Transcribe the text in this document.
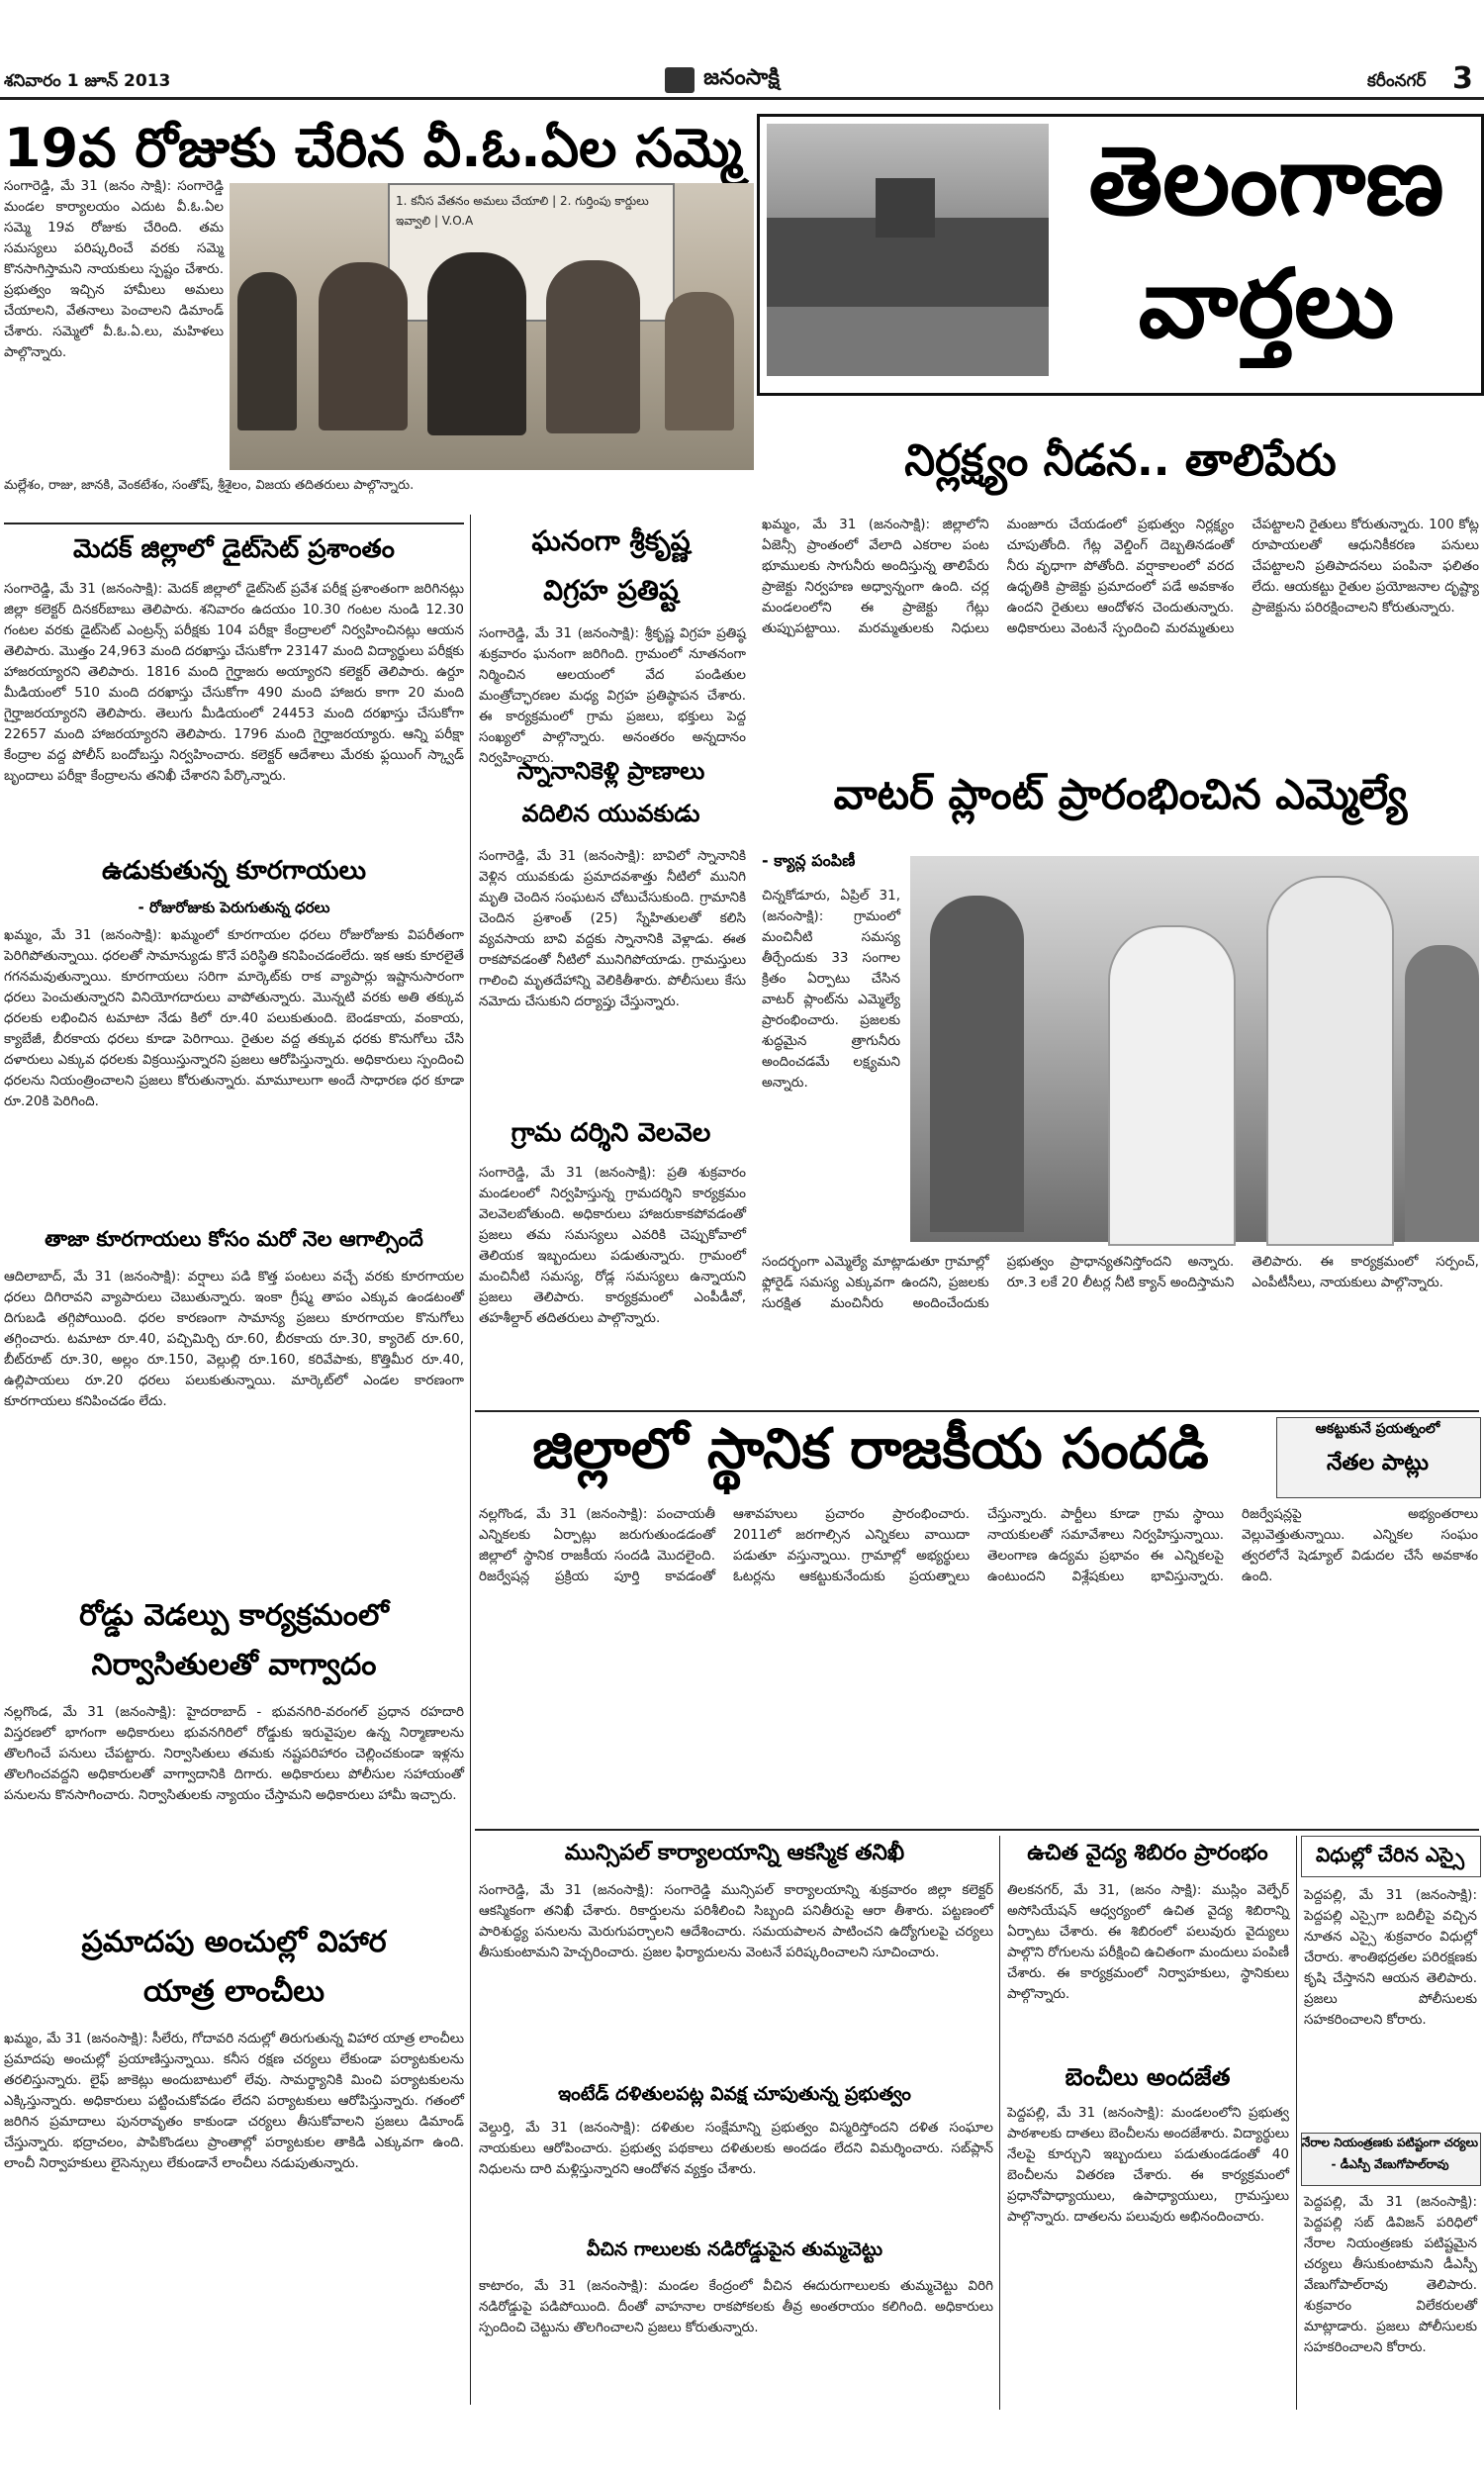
శనివారం 1 జూన్ 2013	జనంసాక్షి	కరీంనగర్ 3
19వ రోజుకు చేరిన వీ.ఓ.ఏల సమ్మె
సంగారెడ్డి, మే 31 (జనం సాక్షి): సంగారెడ్డి మండల కార్యాలయం ఎదుట వీ.ఓ.ఏల సమ్మె 19వ రోజుకు చేరింది. తమ సమస్యలు పరిష్కరించే వరకు సమ్మె కొనసాగిస్తామని నాయకులు స్పష్టం చేశారు. ప్రభుత్వం ఇచ్చిన హామీలు అమలు చేయాలని, వేతనాలు పెంచాలని డిమాండ్ చేశారు. సమ్మెలో వీ.ఓ.ఏ.లు, మహిళలు పాల్గొన్నారు.
1. కనీస వేతనం అమలు చేయాలి | 2. గుర్తింపు కార్డులు ఇవ్వాలి | V.O.A
మల్లేశం, రాజు, జానకి, వెంకటేశం, సంతోష్, శ్రీశైలం, విజయ తదితరులు పాల్గొన్నారు.
తెలంగాణ
వార్తలు
మెదక్ జిల్లాలో డైట్‌సెట్ ప్రశాంతం
సంగారెడ్డి, మే 31 (జనంసాక్షి): మెదక్ జిల్లాలో డైట్‌సెట్ ప్రవేశ పరీక్ష ప్రశాంతంగా జరిగినట్లు జిల్లా కలెక్టర్ దినకర్‌బాబు తెలిపారు. శనివారం ఉదయం 10.30 గంటల నుండి 12.30 గంటల వరకు డైట్‌సెట్ ఎంట్రన్స్ పరీక్షకు 104 పరీక్షా కేంద్రాలలో నిర్వహించినట్లు ఆయన తెలిపారు. మొత్తం 24,963 మంది దరఖాస్తు చేసుకోగా 23147 మంది విద్యార్థులు పరీక్షకు హాజరయ్యారని తెలిపారు. 1816 మంది గైర్హాజరు అయ్యారని కలెక్టర్ తెలిపారు. ఉర్దూ మీడియంలో 510 మంది దరఖాస్తు చేసుకోగా 490 మంది హాజరు కాగా 20 మంది గైర్హాజరయ్యారని తెలిపారు. తెలుగు మీడియంలో 24453 మంది దరఖాస్తు చేసుకోగా 22657 మంది హాజరయ్యారని తెలిపారు. 1796 మంది గైర్హాజరయ్యారు. ఆన్ని పరీక్షా కేంద్రాల వద్ద పోలీస్ బందోబస్తు నిర్వహించారు. కలెక్టర్ ఆదేశాలు మేరకు ఫ్లయింగ్ స్క్వాడ్ బృందాలు పరీక్షా కేంద్రాలను తనిఖీ చేశారని పేర్కొన్నారు.
ఉడుకుతున్న కూరగాయలు
- రోజురోజుకు పెరుగుతున్న ధరలు
ఖమ్మం, మే 31 (జనంసాక్షి): ఖమ్మంలో కూరగాయల ధరలు రోజురోజుకు విపరీతంగా పెరిగిపోతున్నాయి. ధరలతో సామాన్యుడు కొనే పరిస్థితి కనిపించడంలేదు. ఇక ఆకు కూరలైతే గగనమవుతున్నాయి. కూరగాయలు సరిగా మార్కెట్‌కు రాక వ్యాపార్లు ఇష్టానుసారంగా ధరలు పెంచుతున్నారని వినియోగదారులు వాపోతున్నారు. మొన్నటి వరకు అతి తక్కువ ధరలకు లభించిన టమాటా నేడు కిలో రూ.40 పలుకుతుంది. బెండకాయ, వంకాయ, క్యాబేజీ, బీరకాయ ధరలు కూడా పెరిగాయి. రైతుల వద్ద తక్కువ ధరకు కొనుగోలు చేసి దళారులు ఎక్కువ ధరలకు విక్రయిస్తున్నారని ప్రజలు ఆరోపిస్తున్నారు. అధికారులు స్పందించి ధరలను నియంత్రించాలని ప్రజలు కోరుతున్నారు. మామూలుగా అందే సాధారణ ధర కూడా రూ.20కి పెరిగింది.
తాజా కూరగాయలు కోసం మరో నెల ఆగాల్సిందే
ఆదిలాబాద్, మే 31 (జనంసాక్షి): వర్షాలు పడి కొత్త పంటలు వచ్చే వరకు కూరగాయల ధరలు దిగిరావని వ్యాపారులు చెబుతున్నారు. ఇంకా గ్రీష్మ తాపం ఎక్కువ ఉండటంతో దిగుబడి తగ్గిపోయింది. ధరల కారణంగా సామాన్య ప్రజలు కూరగాయల కొనుగోలు తగ్గించారు. టమాటా రూ.40, పచ్చిమిర్చి రూ.60, బీరకాయ రూ.30, క్యారెట్ రూ.60, బీట్‌రూట్ రూ.30, అల్లం రూ.150, వెల్లుల్లి రూ.160, కరివేపాకు, కొత్తిమీర రూ.40, ఉల్లిపాయలు రూ.20 ధరలు పలుకుతున్నాయి. మార్కెట్‌లో ఎండల కారణంగా కూరగాయలు కనిపించడం లేదు.
రోడ్డు వెడల్పు కార్యక్రమంలో
నిర్వాసితులతో వాగ్వాదం
నల్లగొండ, మే 31 (జనంసాక్షి): హైదరాబాద్ - భువనగిరి-వరంగల్ ప్రధాన రహదారి విస్తరణలో భాగంగా అధికారులు భువనగిరిలో రోడ్డుకు ఇరువైపుల ఉన్న నిర్మాణాలను తొలగించే పనులు చేపట్టారు. నిర్వాసితులు తమకు నష్టపరిహారం చెల్లించకుండా ఇళ్లను తొలగించవద్దని అధికారులతో వాగ్వాదానికి దిగారు. అధికారులు పోలీసుల సహాయంతో పనులను కొనసాగించారు. నిర్వాసితులకు న్యాయం చేస్తామని అధికారులు హామీ ఇచ్చారు.
ప్రమాదపు అంచుల్లో విహార
యాత్ర లాంచీలు
ఖమ్మం, మే 31 (జనంసాక్షి): సీలేరు, గోదావరి నదుల్లో తిరుగుతున్న విహార యాత్ర లాంచీలు ప్రమాదపు అంచుల్లో ప్రయాణిస్తున్నాయి. కనీస రక్షణ చర్యలు లేకుండా పర్యాటకులను తరలిస్తున్నారు. లైఫ్ జాకెట్లు అందుబాటులో లేవు. సామర్థ్యానికి మించి పర్యాటకులను ఎక్కిస్తున్నారు. అధికారులు పట్టించుకోవడం లేదని పర్యాటకులు ఆరోపిస్తున్నారు. గతంలో జరిగిన ప్రమాదాలు పునరావృతం కాకుండా చర్యలు తీసుకోవాలని ప్రజలు డిమాండ్ చేస్తున్నారు. భద్రాచలం, పాపికొండలు ప్రాంతాల్లో పర్యాటకుల తాకిడి ఎక్కువగా ఉంది. లాంచీ నిర్వాహకులు లైసెన్సులు లేకుండానే లాంచీలు నడుపుతున్నారు.
ఘనంగా శ్రీకృష్ణ
విగ్రహ ప్రతిష్ట
సంగారెడ్డి, మే 31 (జనంసాక్షి): శ్రీకృష్ణ విగ్రహ ప్రతిష్ఠ శుక్రవారం ఘనంగా జరిగింది. గ్రామంలో నూతనంగా నిర్మించిన ఆలయంలో వేద పండితుల మంత్రోచ్ఛారణల మధ్య విగ్రహ ప్రతిష్ఠాపన చేశారు. ఈ కార్యక్రమంలో గ్రామ ప్రజలు, భక్తులు పెద్ద సంఖ్యలో పాల్గొన్నారు. అనంతరం అన్నదానం నిర్వహించారు.
స్నానానికెళ్లి ప్రాణాలు
వదిలిన యువకుడు
సంగారెడ్డి, మే 31 (జనంసాక్షి): బావిలో స్నానానికి వెళ్లిన యువకుడు ప్రమాదవశాత్తు నీటిలో మునిగి మృతి చెందిన సంఘటన చోటుచేసుకుంది. గ్రామానికి చెందిన ప్రశాంత్ (25) స్నేహితులతో కలిసి వ్యవసాయ బావి వద్దకు స్నానానికి వెళ్లాడు. ఈత రాకపోవడంతో నీటిలో మునిగిపోయాడు. గ్రామస్తులు గాలించి మృతదేహాన్ని వెలికితీశారు. పోలీసులు కేసు నమోదు చేసుకుని దర్యాప్తు చేస్తున్నారు.
గ్రామ దర్శిని వెలవెల
సంగారెడ్డి, మే 31 (జనంసాక్షి): ప్రతి శుక్రవారం మండలంలో నిర్వహిస్తున్న గ్రామదర్శిని కార్యక్రమం వెలవెలబోతుంది. అధికారులు హాజరుకాకపోవడంతో ప్రజలు తమ సమస్యలు ఎవరికి చెప్పుకోవాలో తెలియక ఇబ్బందులు పడుతున్నారు. గ్రామంలో మంచినీటి సమస్య, రోడ్ల సమస్యలు ఉన్నాయని ప్రజలు తెలిపారు. కార్యక్రమంలో ఎంపీడీవో, తహశీల్దార్ తదితరులు పాల్గొన్నారు.
నిర్లక్ష్యం నీడన.. తాలిపేరు
ఖమ్మం, మే 31 (జనంసాక్షి): జిల్లాలోని ఏజెన్సీ ప్రాంతంలో వేలాది ఎకరాల పంట భూములకు సాగునీరు అందిస్తున్న తాలిపేరు ప్రాజెక్టు నిర్వహణ అధ్వాన్నంగా ఉంది. చర్ల మండలంలోని ఈ ప్రాజెక్టు గేట్లు తుప్పుపట్టాయి. మరమ్మతులకు నిధులు మంజూరు చేయడంలో ప్రభుత్వం నిర్లక్ష్యం చూపుతోంది. గేట్ల వెల్డింగ్ దెబ్బతినడంతో నీరు వృధాగా పోతోంది. వర్షాకాలంలో వరద ఉధృతికి ప్రాజెక్టు ప్రమాదంలో పడే అవకాశం ఉందని రైతులు ఆందోళన చెందుతున్నారు. అధికారులు వెంటనే స్పందించి మరమ్మతులు చేపట్టాలని రైతులు కోరుతున్నారు. 100 కోట్ల రూపాయలతో ఆధునికీకరణ పనులు చేపట్టాలని ప్రతిపాదనలు పంపినా ఫలితం లేదు. ఆయకట్టు రైతుల ప్రయోజనాల దృష్ట్యా ప్రాజెక్టును పరిరక్షించాలని కోరుతున్నారు.
వాటర్ ప్లాంట్ ప్రారంభించిన ఎమ్మెల్యే
- క్యాన్ల పంపిణీ
చిన్నకోడూరు, ఏప్రిల్ 31, (జనంసాక్షి): గ్రామంలో మంచినీటి సమస్య తీర్చేందుకు 33 సంగాల క్రితం ఏర్పాటు చేసిన వాటర్ ప్లాంట్‌ను ఎమ్మెల్యే ప్రారంభించారు. ప్రజలకు శుద్ధమైన త్రాగునీరు అందించడమే లక్ష్యమని అన్నారు.
సందర్భంగా ఎమ్మెల్యే మాట్లాడుతూ గ్రామాల్లో ఫ్లోరైడ్ సమస్య ఎక్కువగా ఉందని, ప్రజలకు సురక్షిత మంచినీరు అందించేందుకు ప్రభుత్వం ప్రాధాన్యతనిస్తోందని అన్నారు. రూ.3 లకే 20 లీటర్ల నీటి క్యాన్ అందిస్తామని తెలిపారు. ఈ కార్యక్రమంలో సర్పంచ్, ఎంపీటీసీలు, నాయకులు పాల్గొన్నారు.
జిల్లాలో స్థానిక రాజకీయ సందడి
నల్లగొండ, మే 31 (జనంసాక్షి): పంచాయతీ ఎన్నికలకు ఏర్పాట్లు జరుగుతుండడంతో జిల్లాలో స్థానిక రాజకీయ సందడి మొదలైంది. రిజర్వేషన్ల ప్రక్రియ పూర్తి కావడంతో ఆశావహులు ప్రచారం ప్రారంభించారు. 2011లో జరగాల్సిన ఎన్నికలు వాయిదా పడుతూ వస్తున్నాయి. గ్రామాల్లో అభ్యర్థులు ఓటర్లను ఆకట్టుకునేందుకు ప్రయత్నాలు చేస్తున్నారు. పార్టీలు కూడా గ్రామ స్థాయి నాయకులతో సమావేశాలు నిర్వహిస్తున్నాయి. తెలంగాణ ఉద్యమ ప్రభావం ఈ ఎన్నికలపై ఉంటుందని విశ్లేషకులు భావిస్తున్నారు. రిజర్వేషన్లపై అభ్యంతరాలు వెల్లువెత్తుతున్నాయి. ఎన్నికల సంఘం త్వరలోనే షెడ్యూల్ విడుదల చేసే అవకాశం ఉంది.
ఆకట్టుకునే ప్రయత్నంలో
నేతల పాట్లు
మున్సిపల్ కార్యాలయాన్ని ఆకస్మిక తనిఖీ
సంగారెడ్డి, మే 31 (జనంసాక్షి): సంగారెడ్డి మున్సిపల్ కార్యాలయాన్ని శుక్రవారం జిల్లా కలెక్టర్ ఆకస్మికంగా తనిఖీ చేశారు. రికార్డులను పరిశీలించి సిబ్బంది పనితీరుపై ఆరా తీశారు. పట్టణంలో పారిశుద్ధ్య పనులను మెరుగుపర్చాలని ఆదేశించారు. సమయపాలన పాటించని ఉద్యోగులపై చర్యలు తీసుకుంటామని హెచ్చరించారు. ప్రజల ఫిర్యాదులను వెంటనే పరిష్కరించాలని సూచించారు.
ఇంటేడ్ దళితులపట్ల వివక్ష చూపుతున్న ప్రభుత్వం
వెల్దుర్తి, మే 31 (జనంసాక్షి): దళితుల సంక్షేమాన్ని ప్రభుత్వం విస్మరిస్తోందని దళిత సంఘాల నాయకులు ఆరోపించారు. ప్రభుత్వ పథకాలు దళితులకు అందడం లేదని విమర్శించారు. సబ్‌ప్లాన్ నిధులను దారి మళ్లిస్తున్నారని ఆందోళన వ్యక్తం చేశారు.
వీచిన గాలులకు నడిరోడ్డుపైన తుమ్మచెట్టు
కాటారం, మే 31 (జనంసాక్షి): మండల కేంద్రంలో వీచిన ఈదురుగాలులకు తుమ్మచెట్టు విరిగి నడిరోడ్డుపై పడిపోయింది. దీంతో వాహనాల రాకపోకలకు తీవ్ర అంతరాయం కలిగింది. అధికారులు స్పందించి చెట్టును తొలగించాలని ప్రజలు కోరుతున్నారు.
ఉచిత వైద్య శిబిరం ప్రారంభం
తిలకనగర్, మే 31, (జనం సాక్షి): ముస్లిం వెల్ఫేర్ అసోసియేషన్ ఆధ్వర్యంలో ఉచిత వైద్య శిబిరాన్ని ఏర్పాటు చేశారు. ఈ శిబిరంలో పలువురు వైద్యులు పాల్గొని రోగులను పరీక్షించి ఉచితంగా మందులు పంపిణీ చేశారు. ఈ కార్యక్రమంలో నిర్వాహకులు, స్థానికులు పాల్గొన్నారు.
బెంచీలు అందజేత
పెద్దపల్లి, మే 31 (జనంసాక్షి): మండలంలోని ప్రభుత్వ పాఠశాలకు దాతలు బెంచీలను అందజేశారు. విద్యార్థులు నేలపై కూర్చుని ఇబ్బందులు పడుతుండడంతో 40 బెంచీలను వితరణ చేశారు. ఈ కార్యక్రమంలో ప్రధానోపాధ్యాయులు, ఉపాధ్యాయులు, గ్రామస్తులు పాల్గొన్నారు. దాతలను పలువురు అభినందించారు.
విధుల్లో చేరిన ఎస్సై
పెద్దపల్లి, మే 31 (జనంసాక్షి): పెద్దపల్లి ఎస్సైగా బదిలీపై వచ్చిన నూతన ఎస్సై శుక్రవారం విధుల్లో చేరారు. శాంతిభద్రతల పరిరక్షణకు కృషి చేస్తానని ఆయన తెలిపారు. ప్రజలు పోలీసులకు సహకరించాలని కోరారు.
నేరాల నియంత్రణకు పటిష్టంగా చర్యలు
- డీఎస్పీ వేణుగోపాల్‌రావు
పెద్దపల్లి, మే 31 (జనంసాక్షి): పెద్దపల్లి సబ్ డివిజన్ పరిధిలో నేరాల నియంత్రణకు పటిష్టమైన చర్యలు తీసుకుంటామని డీఎస్పీ వేణుగోపాల్‌రావు తెలిపారు. శుక్రవారం విలేకరులతో మాట్లాడారు. ప్రజలు పోలీసులకు సహకరించాలని కోరారు.
